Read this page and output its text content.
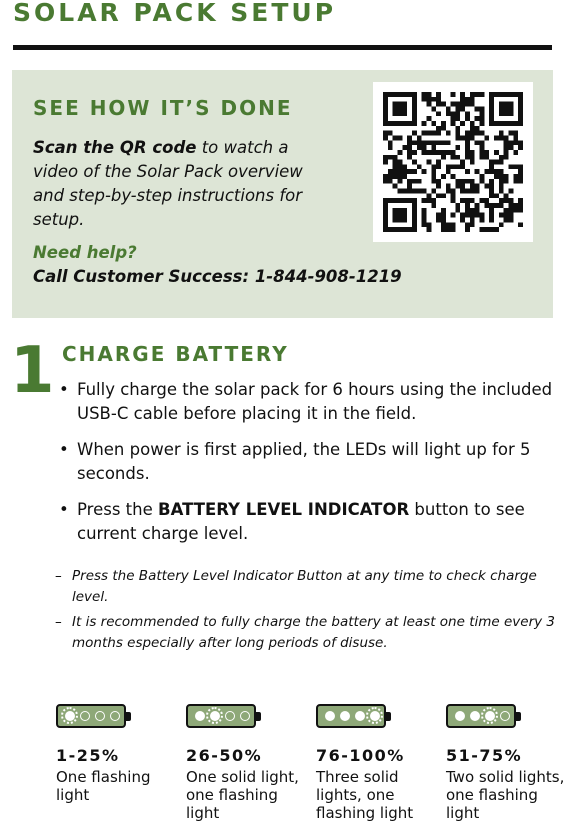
SOLAR PACK SETUP
SEE HOW IT’S DONE
Scan the QR code to watch a video of the Solar Pack overview and step-by-step instructions for setup.
Need help?
Call Customer Success: 1-844-908-1219
1 CHARGE BATTERY
• Fully charge the solar pack for 6 hours using the included USB-C cable before placing it in the field.
• When power is first applied, the LEDs will light up for 5 seconds.
• Press the BATTERY LEVEL INDICATOR button to see current charge level.
– Press the Battery Level Indicator Button at any time to check charge level.
– It is recommended to fully charge the battery at least one time every 3 months especially after long periods of disuse.
1-25%
One flashing light
26-50%
One solid light, one flashing light
76-100%
Three solid lights, one flashing light
51-75%
Two solid lights, one flashing light
